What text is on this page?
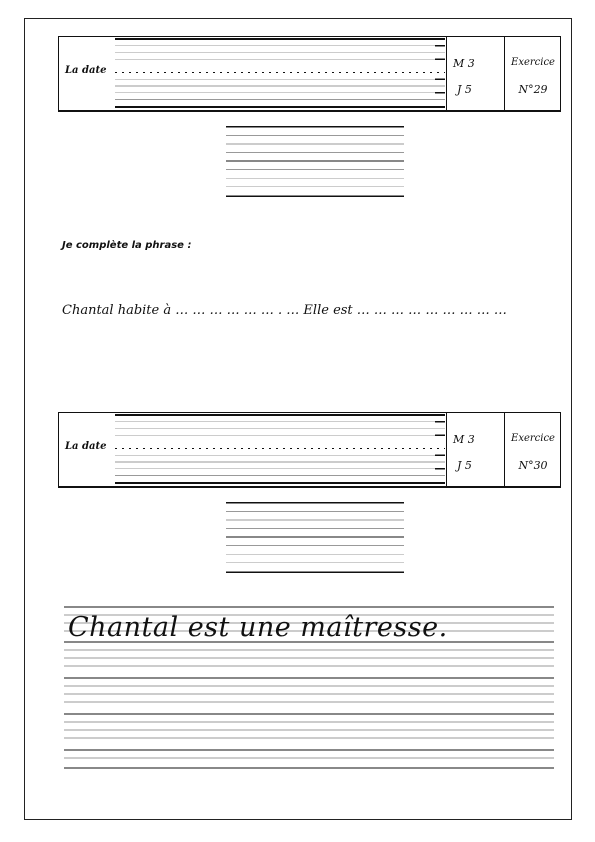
La date
M 3
J 5
Exercice
N°29
Je complète la phrase :
Chantal habite à … … … … … … . … Elle est … … … … … … … … …
La date
M 3
J 5
Exercice
N°30
Chantal est une maîtresse.
